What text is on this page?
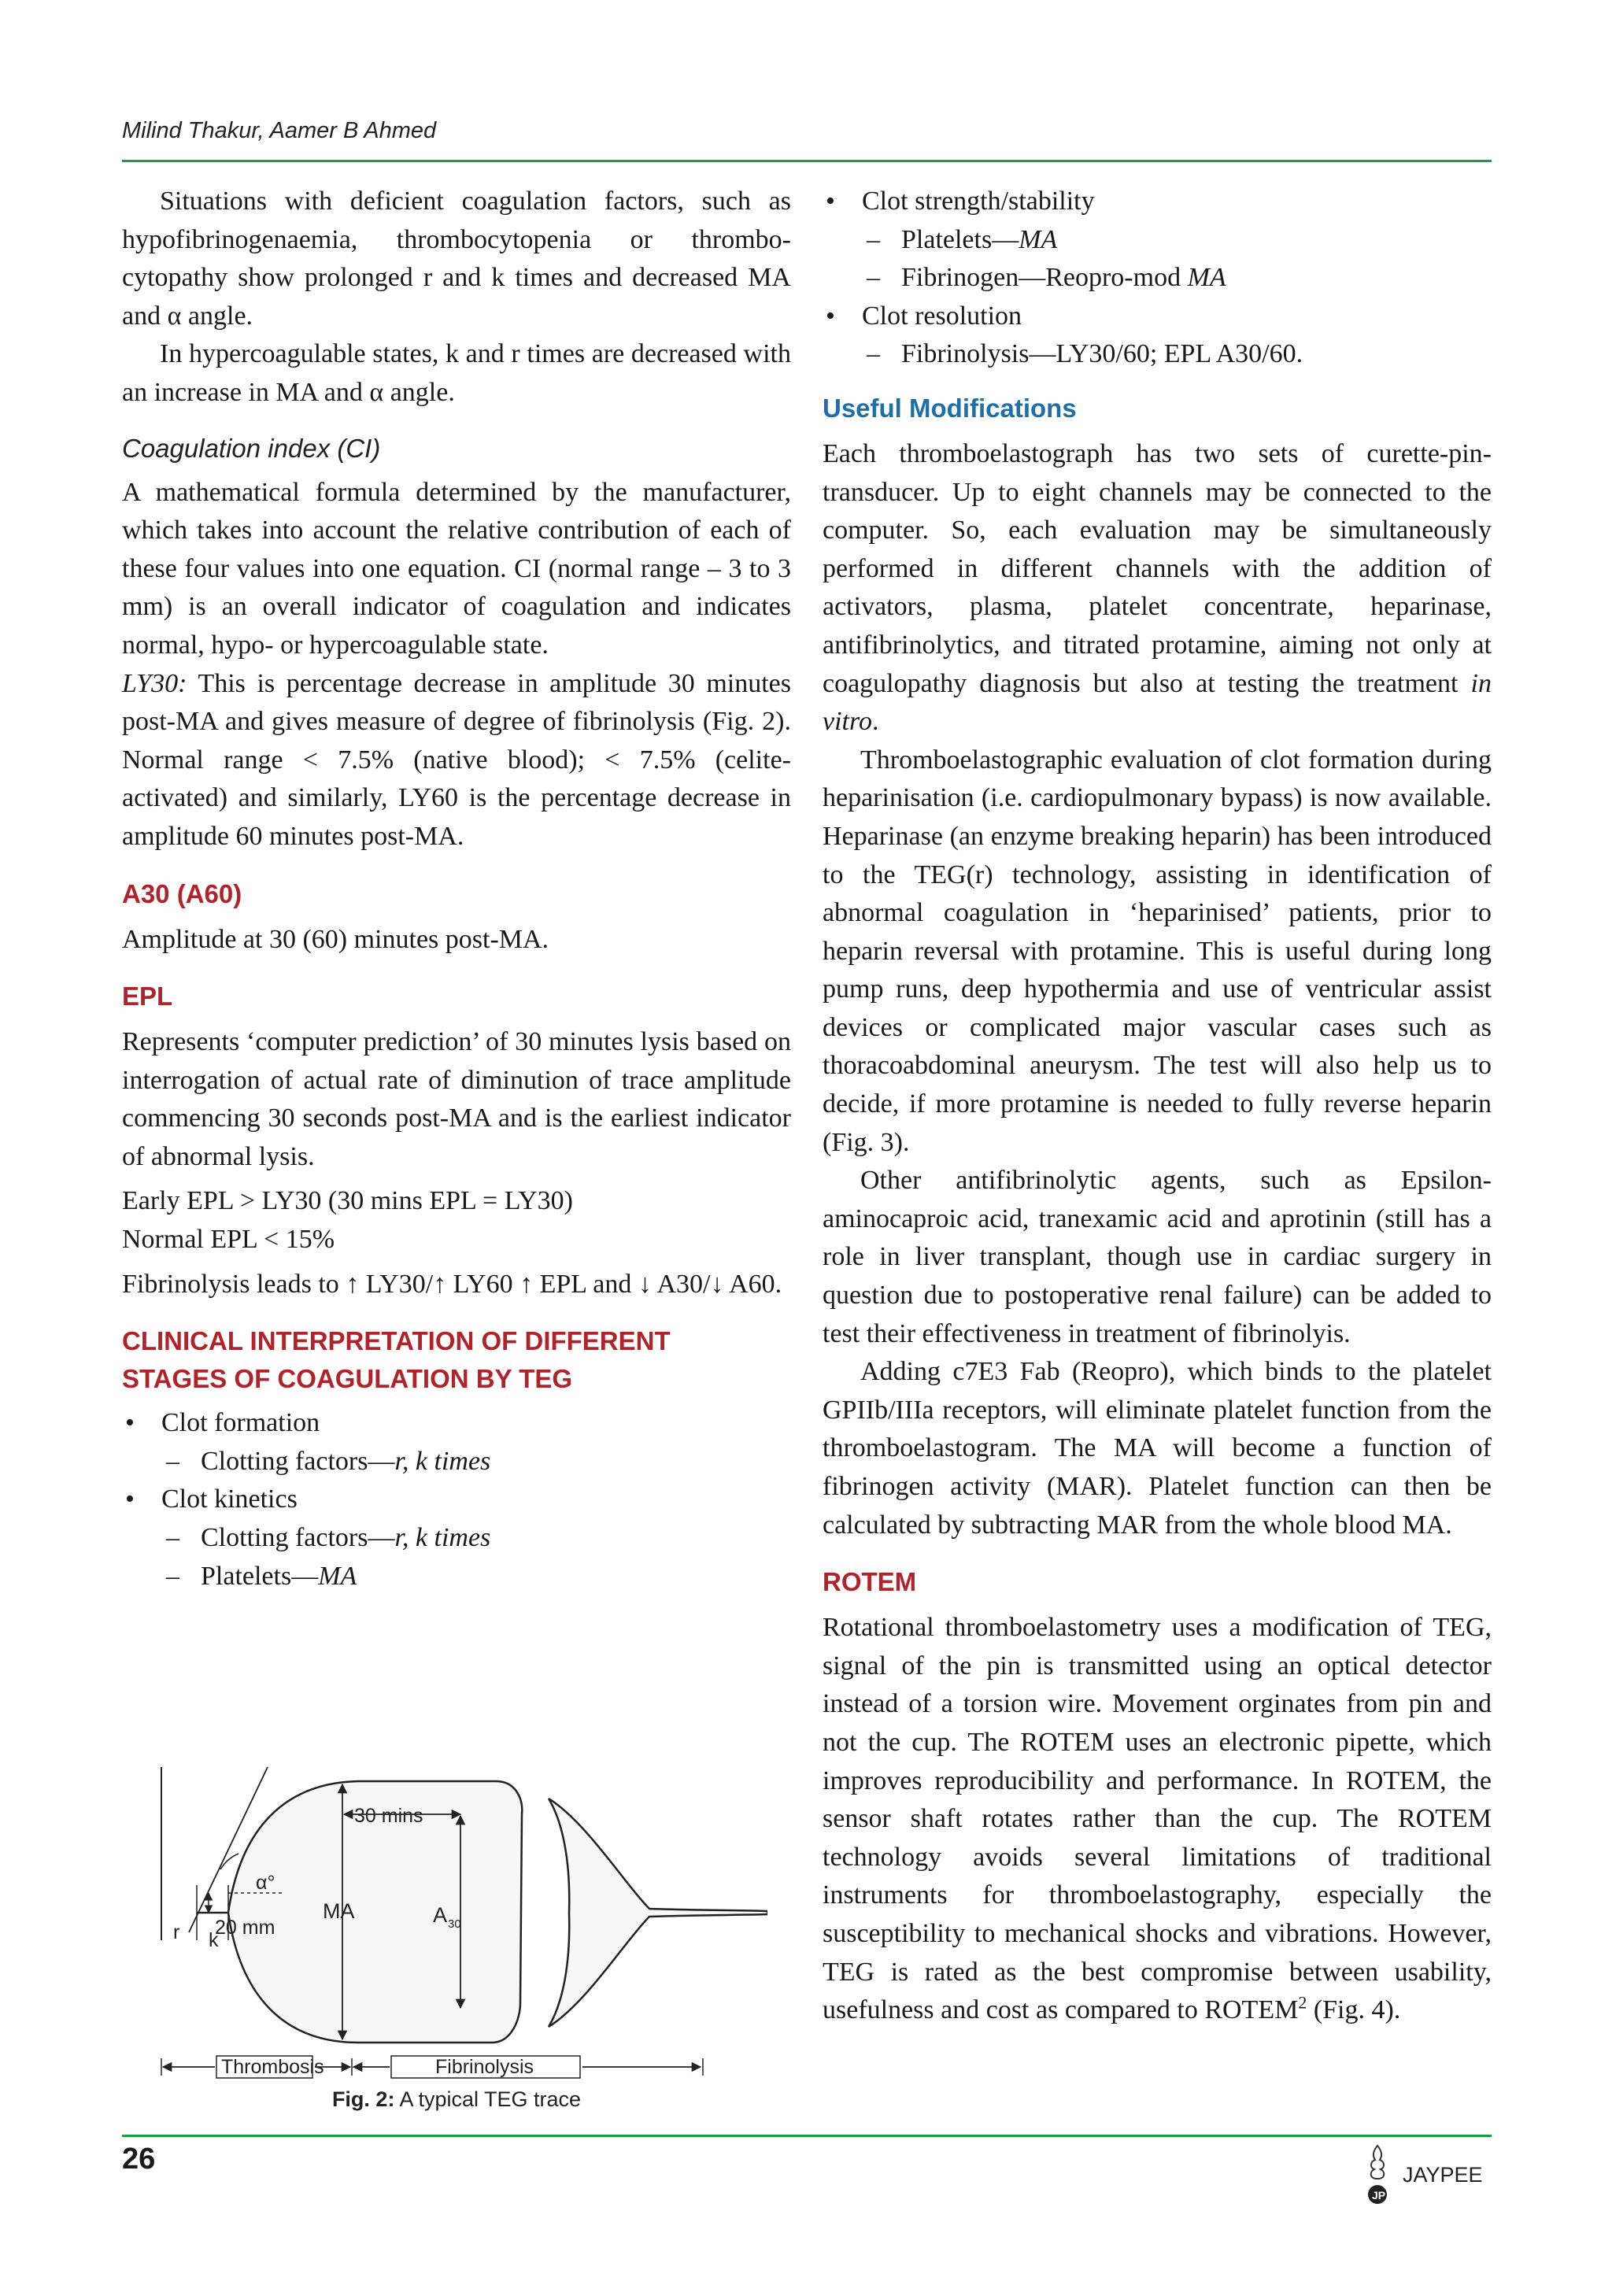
Milind Thakur, Aamer B Ahmed

Situations with deficient coagulation factors, such as hypofibrinogenaemia, thrombocytopenia or thrombo-cytopathy show prolonged r and k times and decreased MA and α angle.

In hypercoagulable states, k and r times are decreased with an increase in MA and α angle.

Coagulation index (CI)

A mathematical formula determined by the manufacturer, which takes into account the relative contribution of each of these four values into one equation. CI (normal range – 3 to 3 mm) is an overall indicator of coagulation and indicates normal, hypo- or hypercoagulable state.

LY30: This is percentage decrease in amplitude 30 minutes post-MA and gives measure of degree of fibrinolysis (Fig. 2). Normal range < 7.5% (native blood); < 7.5% (celite-activated) and similarly, LY60 is the percentage decrease in amplitude 60 minutes post-MA.

A30 (A60)

Amplitude at 30 (60) minutes post-MA.

EPL

Represents ‘computer prediction’ of 30 minutes lysis based on interrogation of actual rate of diminution of trace amplitude commencing 30 seconds post-MA and is the earliest indicator of abnormal lysis.

Early EPL > LY30 (30 mins EPL = LY30)

Normal EPL < 15%

Fibrinolysis leads to ↑ LY30/↑ LY60 ↑ EPL and ↓ A30/↓ A60.

CLINICAL INTERPRETATION OF DIFFERENT
STAGES OF COAGULATION BY TEG
• Clot formation
– Clotting factors—r, k times
• Clot kinetics
– Clotting factors—r, k times
– Platelets—MA
α°
30 mins
MA	A 30
20 mm
r k
Thrombosis	Fibrinolysis
Fig. 2: A typical TEG trace
• Clot strength/stability
– Platelets—MA
– Fibrinogen—Reopro-mod MA
• Clot resolution
– Fibrinolysis—LY30/60; EPL A30/60.
Useful Modifications

Each thromboelastograph has two sets of curette-pin-transducer. Up to eight channels may be connected to the computer. So, each evaluation may be simultaneously performed in different channels with the addition of activators, plasma, platelet concentrate, heparinase, antifibrinolytics, and titrated protamine, aiming not only at coagulopathy diagnosis but also at testing the treatment in vitro.

Thromboelastographic evaluation of clot formation during heparinisation (i.e. cardiopulmonary bypass) is now available. Heparinase (an enzyme breaking heparin) has been introduced to the TEG(r) technology, assisting in identification of abnormal coagulation in ‘heparinised’ patients, prior to heparin reversal with protamine. This is useful during long pump runs, deep hypothermia and use of ventricular assist devices or complicated major vascular cases such as thoracoabdominal aneurysm. The test will also help us to decide, if more protamine is needed to fully reverse heparin (Fig. 3).

Other antifibrinolytic agents, such as Epsilon-aminocaproic acid, tranexamic acid and aprotinin (still has a role in liver transplant, though use in cardiac surgery in question due to postoperative renal failure) can be added to test their effectiveness in treatment of fibrinolyis.

Adding c7E3 Fab (Reopro), which binds to the platelet GPIIb/IIIa receptors, will eliminate platelet function from the thromboelastogram. The MA will become a function of fibrinogen activity (MAR). Platelet function can then be calculated by subtracting MAR from the whole blood MA.

ROTEM

Rotational thromboelastometry uses a modification of TEG, signal of the pin is transmitted using an optical detector instead of a torsion wire. Movement orginates from pin and not the cup. The ROTEM uses an electronic pipette, which improves reproducibility and performance. In ROTEM, the sensor shaft rotates rather than the cup. The ROTEM technology avoids several limitations of traditional instruments for thromboelastography, especially the susceptibility to mechanical shocks and vibrations. However, TEG is rated as the best compromise between usability, usefulness and cost as compared to ROTEM$^2$ (Fig. 4).

26
JP
JAYPEE
